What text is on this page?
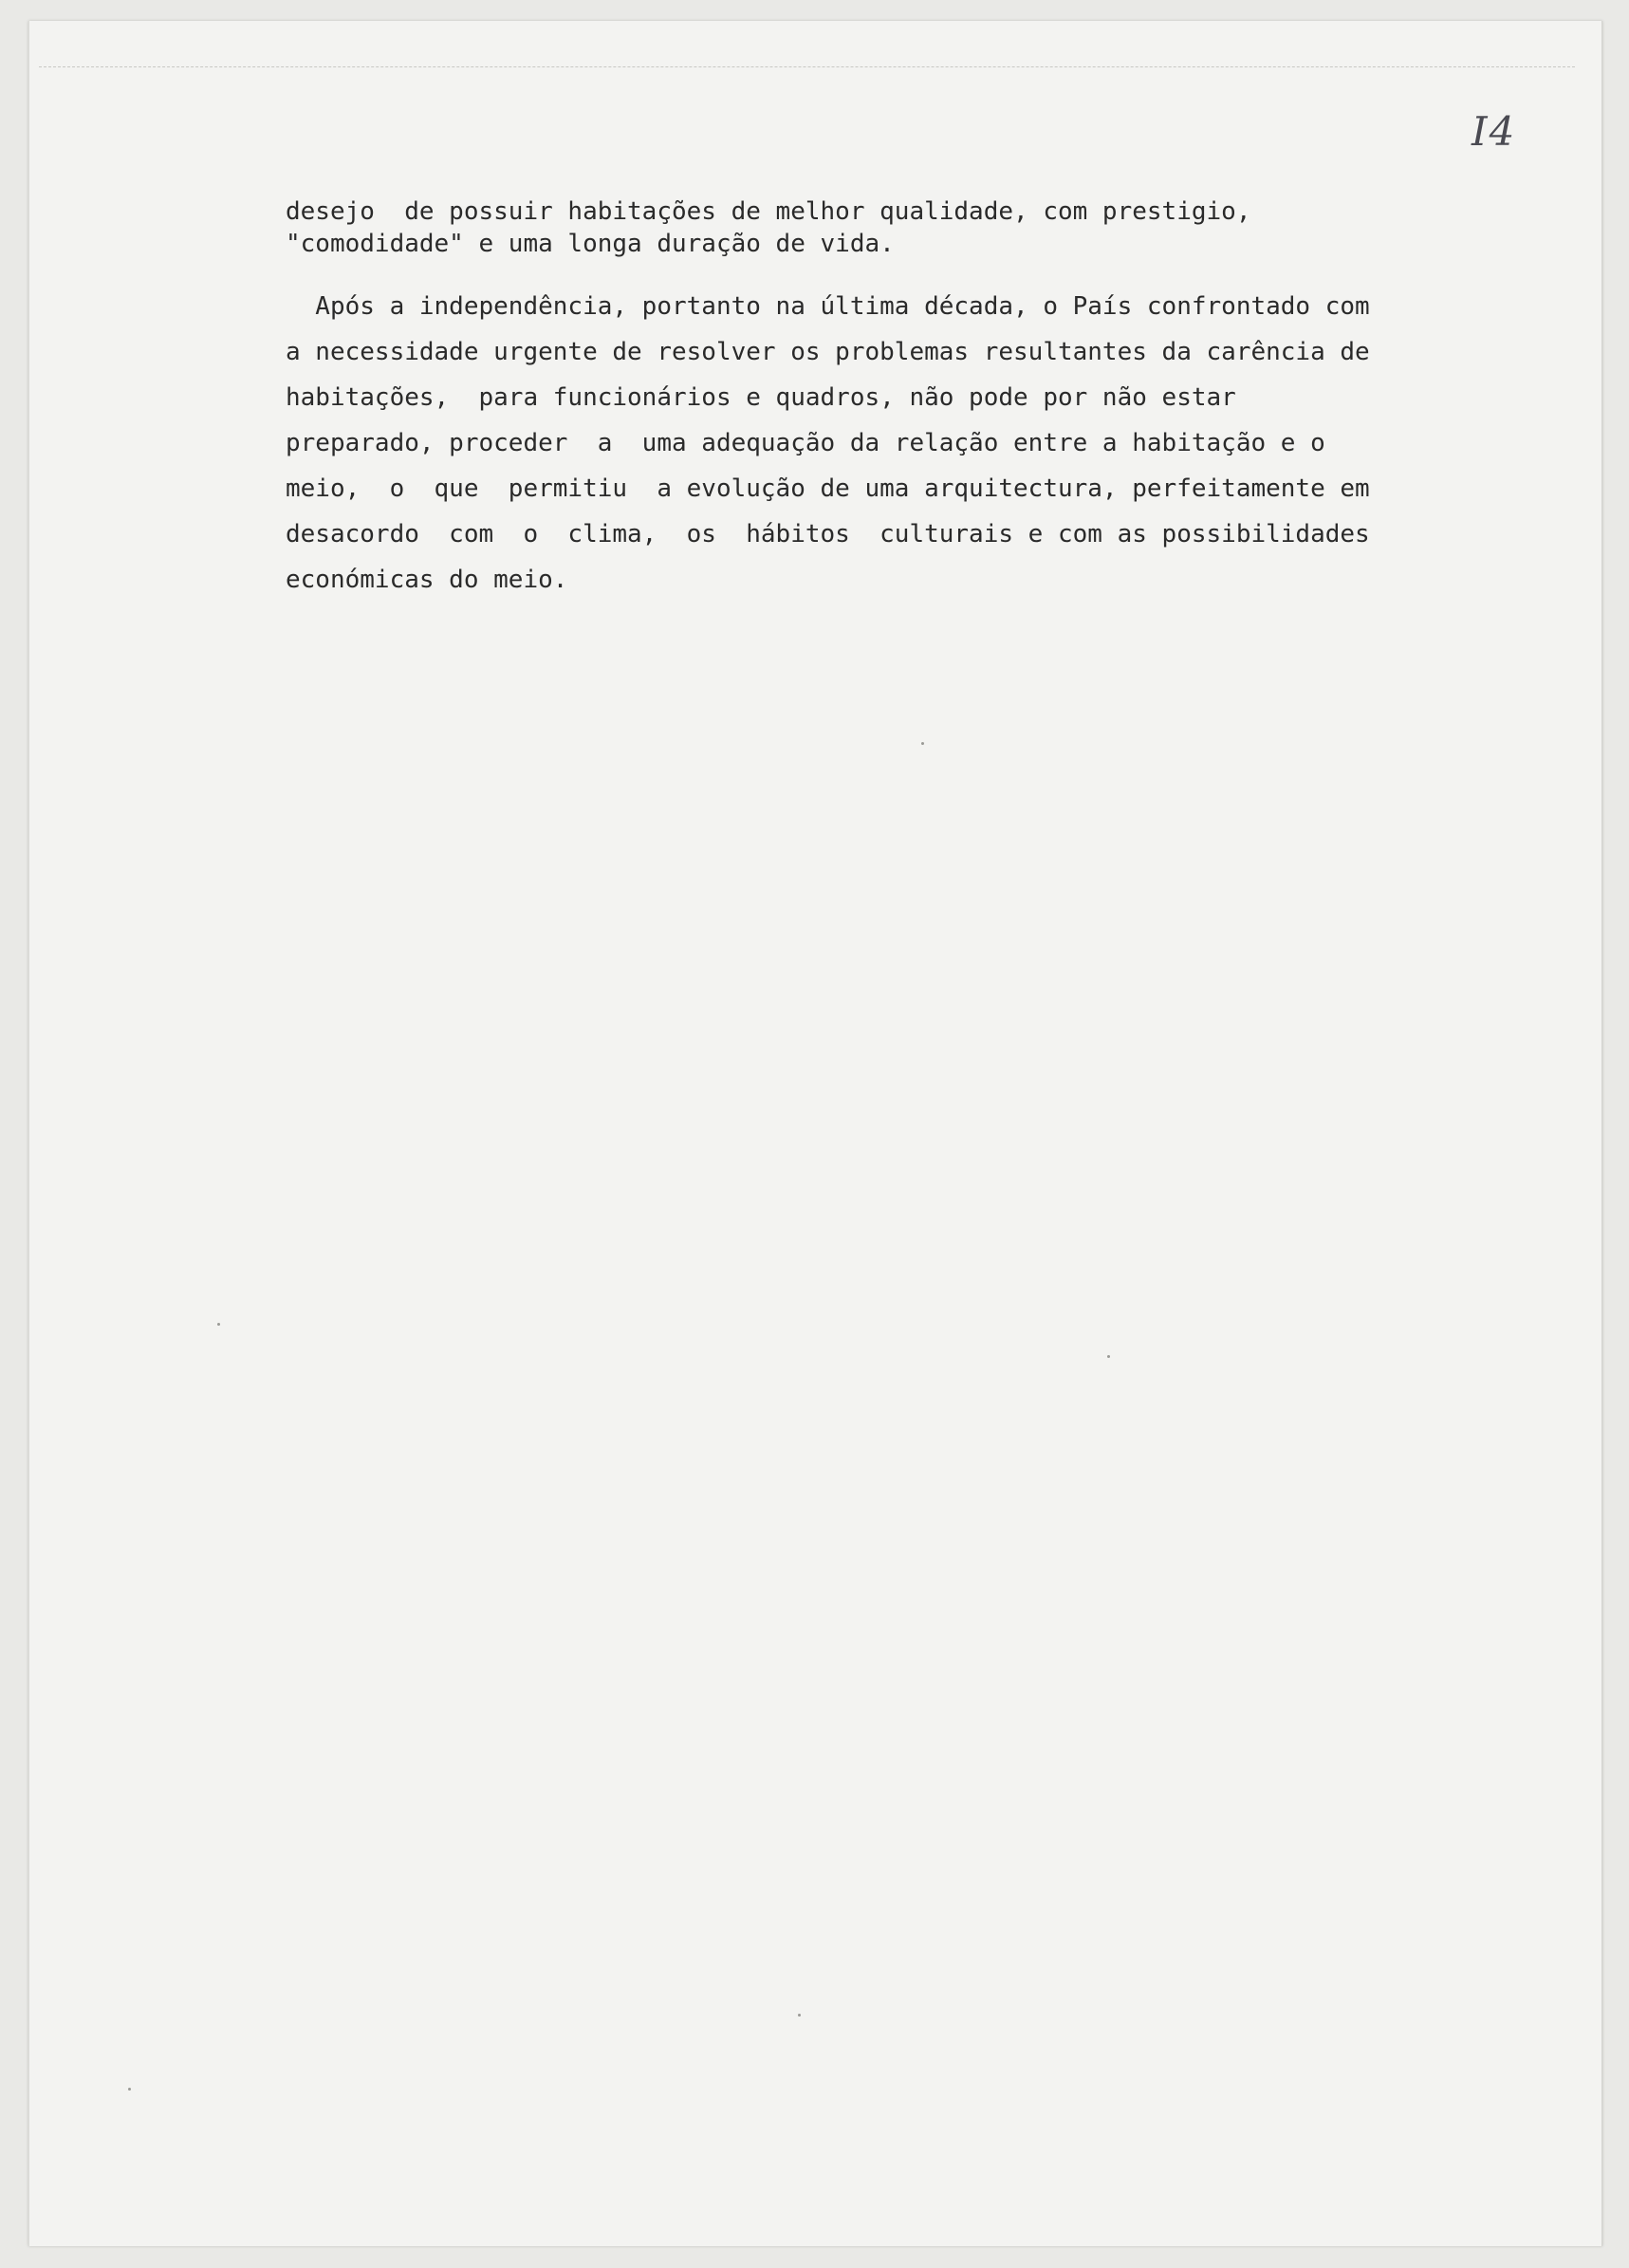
I4
desejo  de possuir habitações de melhor qualidade, com prestigio,
"comodidade" e uma longa duração de vida.
Após a independência, portanto na última década, o País confrontado com
a necessidade urgente de resolver os problemas resultantes da carência de
habitações,  para funcionários e quadros, não pode por não estar
preparado, proceder  a  uma adequação da relação entre a habitação e o
meio,  o  que  permitiu  a evolução de uma arquitectura, perfeitamente em
desacordo  com  o  clima,  os  hábitos  culturais e com as possibilidades
económicas do meio.
